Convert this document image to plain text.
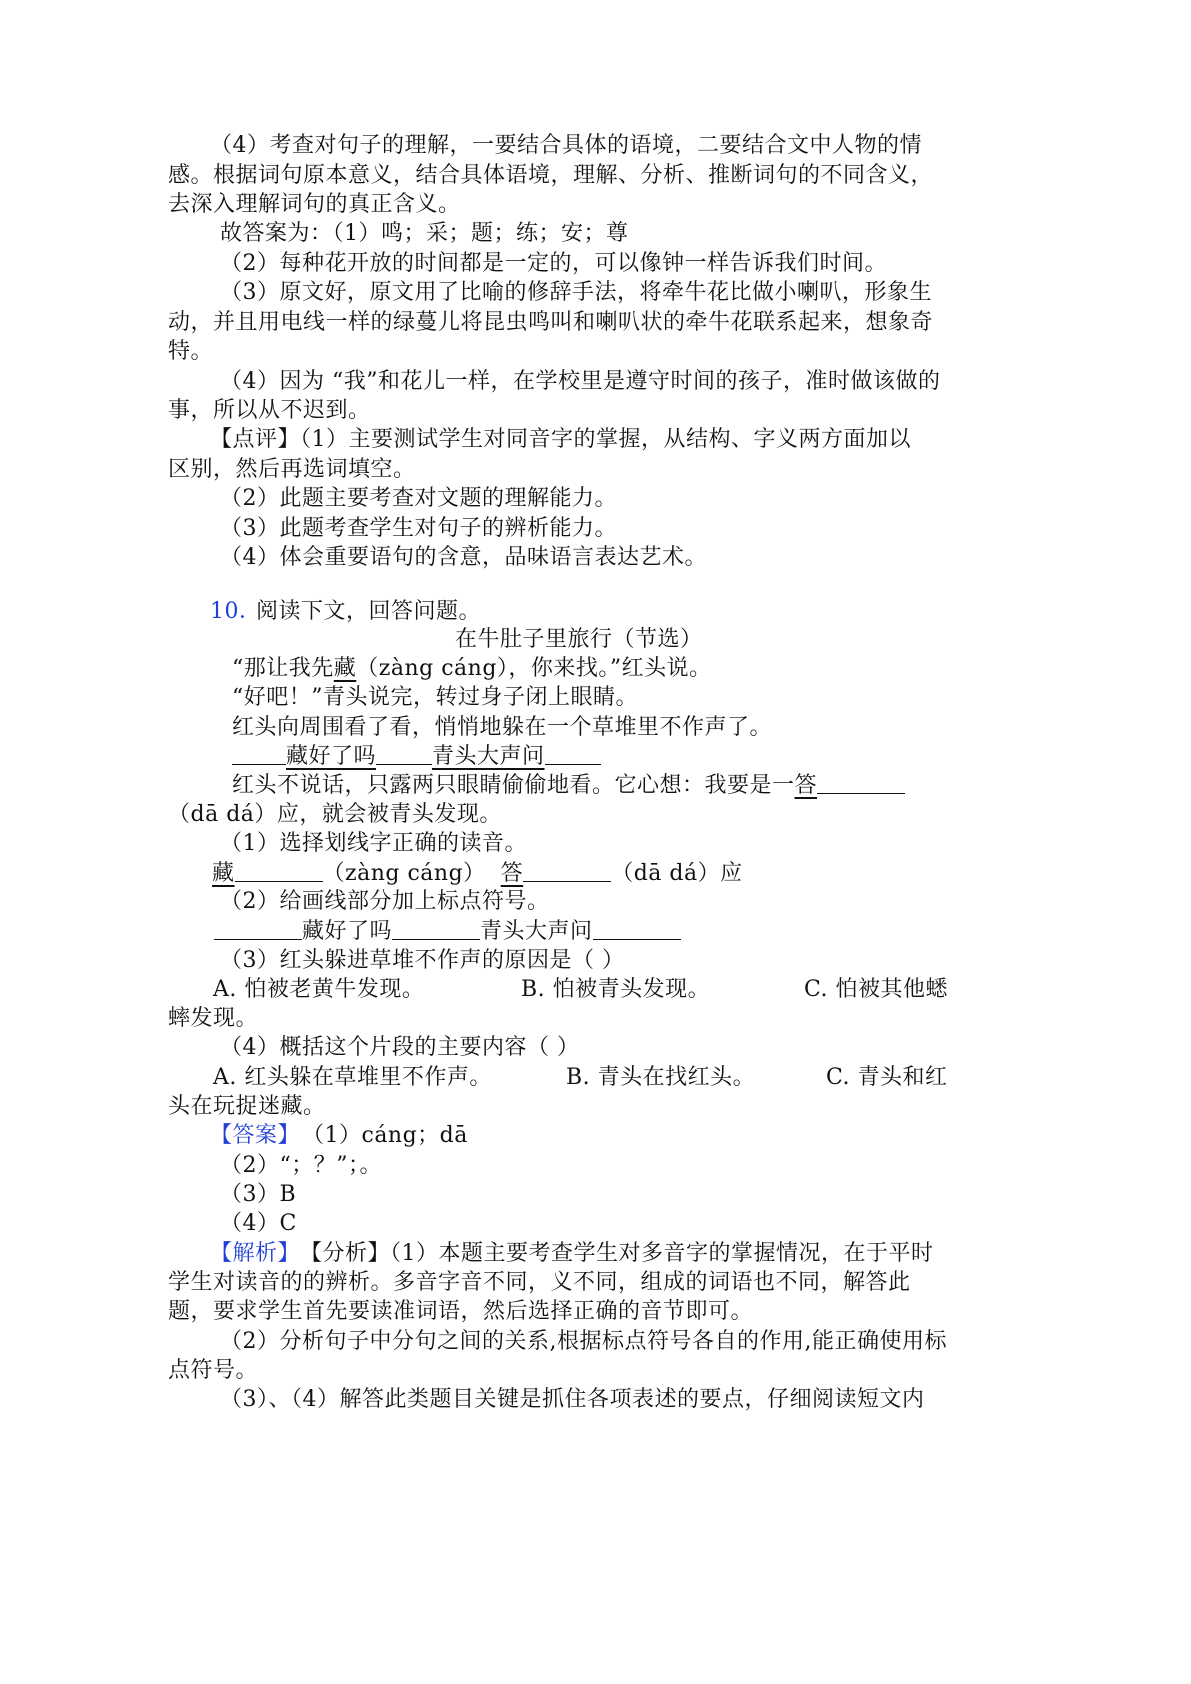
（4）考查对句子的理解，一要结合具体的语境，二要结合文中人物的情
感。根据词句原本意义，结合具体语境，理解、分析、推断词句的不同含义，
去深入理解词句的真正含义。
故答案为：（1）鸣；采；题；练；安；尊
（2）每种花开放的时间都是一定的，可以像钟一样告诉我们时间。
（3）原文好，原文用了比喻的修辞手法，将牵牛花比做小喇叭，形象生
动，并且用电线一样的绿蔓儿将昆虫鸣叫和喇叭状的牵牛花联系起来，想象奇
特。
（4）因为 “我”和花儿一样，在学校里是遵守时间的孩子，准时做该做的
事，所以从不迟到。
【点评】（1）主要测试学生对同音字的掌握，从结构、字义两方面加以
区别，然后再选词填空。
（2）此题主要考查对文题的理解能力。
（3）此题考查学生对句子的辨析能力。
（4）体会重要语句的含意，品味语言表达艺术。
10．
阅读下文，回答问题。
在牛肚子里旅行（节选）
“那让我先藏（zàng cáng），你来找。”红头说。
“好吧！”青头说完，转过身子闭上眼睛。
红头向周围看了看，悄悄地躲在一个草堆里不作声了。
藏好了吗	青头大声问
红头不说话，只露两只眼睛偷偷地看。它心想：我要是一答
（dā dá）应，就会被青头发现。
（1）选择划线字正确的读音。
藏	（zàng cáng） 答	（dā dá）应
（2）给画线部分加上标点符号。
藏好了吗	青头大声问
（3）红头躲进草堆不作声的原因是（ ）
A. 怕被老黄牛发现。	B. 怕被青头发现。	C. 怕被其他蟋
蟀发现。
（4）概括这个片段的主要内容（ ）
A. 红头躲在草堆里不作声。	B. 青头在找红头。	C. 青头和红
头在玩捉迷藏。
【答案】 （1）cáng；dā
（2）“；？”；。
（3）B
（4）C
【解析】 【分析】（1）本题主要考查学生对多音字的掌握情况，在于平时
学生对读音的的辨析。多音字音不同，义不同，组成的词语也不同，解答此
题，要求学生首先要读准词语，然后选择正确的音节即可。
（2）分析句子中分句之间的关系,根据标点符号各自的作用,能正确使用标
点符号。
（3）、（4）解答此类题目关键是抓住各项表述的要点，仔细阅读短文内
